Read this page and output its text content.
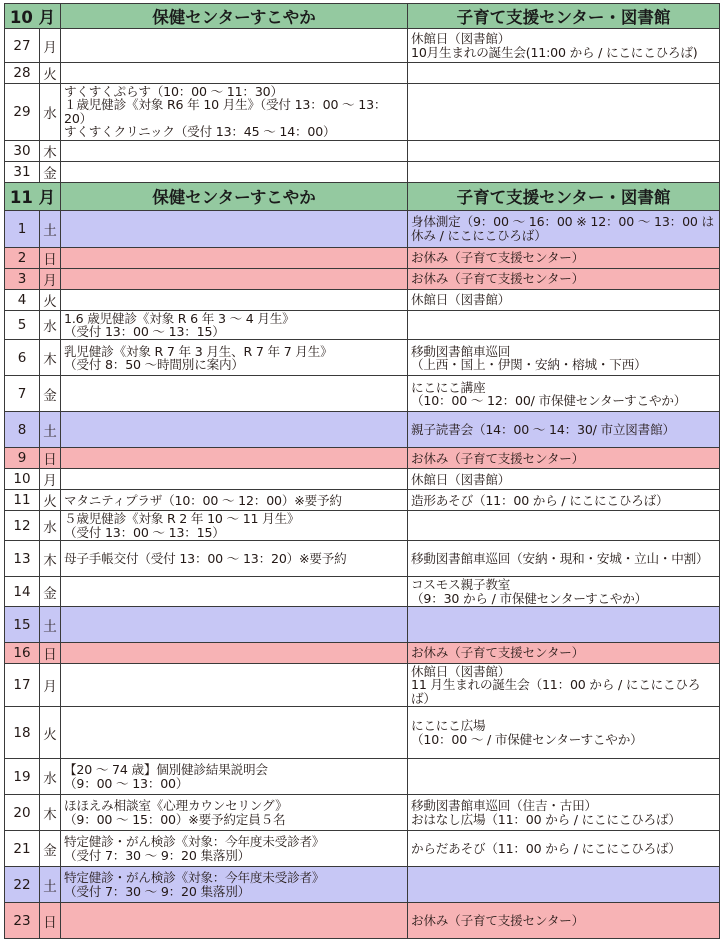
10 月		保健センターすこやか	子育て支援センター・図書館
27	月		休館日（図書館）
10月生まれの誕生会(11:00 から / にこにこひろば)

28	火		
29	水	すくすくぷらす（10：00 〜 11：30）
１歳児健診《対象 R6 年 10 月生》（受付 13：00 〜 13：20）
すくすくクリニック（受付 13：45 〜 14：00）	

30	木		
31	金		
11 月		保健センターすこやか	子育て支援センター・図書館
1	土		身体測定（9：00 〜 16：00 ※ 12：00 〜 13：00 は休み / にこにこひろば）

2	日		お休み（子育て支援センター）

3	月		お休み（子育て支援センター）

4	火		休館日（図書館）

5	水	1.6 歳児健診《対象 R 6 年 3 〜 4 月生》
（受付 13：00 〜 13：15）	

6	木	乳児健診《対象 R 7 年 3 月生、R 7 年 7 月生》
（受付 8：50 〜時間別に案内）	移動図書館車巡回
（上西・国上・伊関・安納・榕城・下西）

7	金		にこにこ講座
（10：00 〜 12：00/ 市保健センターすこやか）

8	土		親子読書会（14：00 〜 14：30/ 市立図書館）

9	日		お休み（子育て支援センター）

10	月		休館日（図書館）

11	火	マタニティプラザ（10：00 〜 12：00）※要予約	造形あそび（11：00 から / にこにこひろば）

12	水	５歳児健診《対象 R 2 年 10 〜 11 月生》
（受付 13：00 〜 13：15）	

13	木	母子手帳交付（受付 13：00 〜 13：20）※要予約	移動図書館車巡回（安納・現和・安城・立山・中割）

14	金		コスモス親子教室
（9：30 から / 市保健センターすこやか）

15	土		
16	日		お休み（子育て支援センター）

17	月		休館日（図書館）
11 月生まれの誕生会（11：00 から / にこにこひろば）

18	火		にこにこ広場
（10：00 〜 / 市保健センターすこやか）

19	水	【20 〜 74 歳】個別健診結果説明会
（9：00 〜 13：00）	

20	木	ほほえみ相談室《心理カウンセリング》
（9：00 〜 15：00）※要予約定員５名	移動図書館車巡回（住吉・古田）
おはなし広場（11：00 から / にこにこひろば）

21	金	特定健診・がん検診《対象：今年度未受診者》
（受付 7：30 〜 9：20 集落別）	からだあそび（11：00 から / にこにこひろば）

22	土	特定健診・がん検診《対象：今年度未受診者》
（受付 7：30 〜 9：20 集落別）	

23	日		お休み（子育て支援センター）
